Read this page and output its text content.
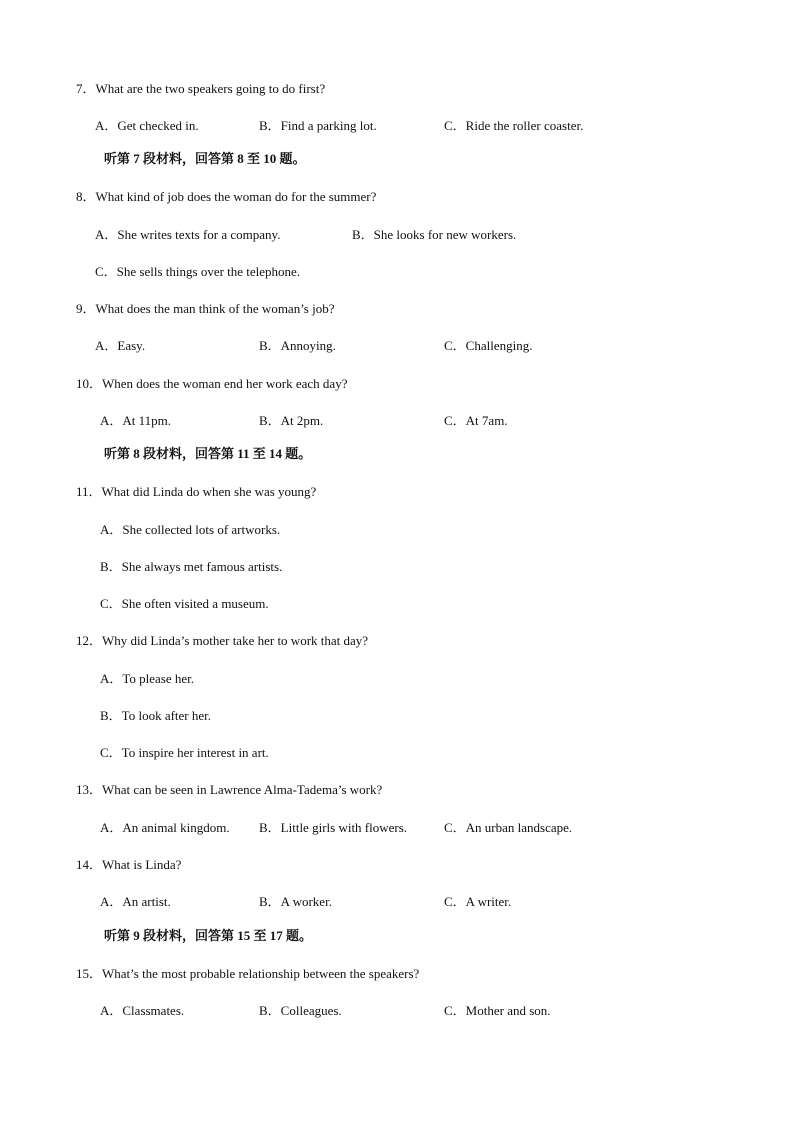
7．What are the two speakers going to do first?
A．Get checked in.	B．Find a parking lot.	C．Ride the roller coaster.
听第 7 段材料，回答第 8 至 10 题。
8．What kind of job does the woman do for the summer?
A．She writes texts for a company.	B．She looks for new workers.
C．She sells things over the telephone.
9．What does the man think of the woman’s job?
A．Easy.	B．Annoying.	C．Challenging.
10．When does the woman end her work each day?
A．At 11pm.	B．At 2pm.	C．At 7am.
听第 8 段材料，回答第 11 至 14 题。
11．What did Linda do when she was young?
A．She collected lots of artworks.
B．She always met famous artists.
C．She often visited a museum.
12．Why did Linda’s mother take her to work that day?
A．To please her.
B．To look after her.
C．To inspire her interest in art.
13．What can be seen in Lawrence Alma-Tadema’s work?
A．An animal kingdom. B．Little girls with flowers.	C．An urban landscape.
14．What is Linda?
A．An artist.	B．A worker.	C．A writer.
听第 9 段材料，回答第 15 至 17 题。
15．What’s the most probable relationship between the speakers?
A．Classmates.	B．Colleagues.	C．Mother and son.
